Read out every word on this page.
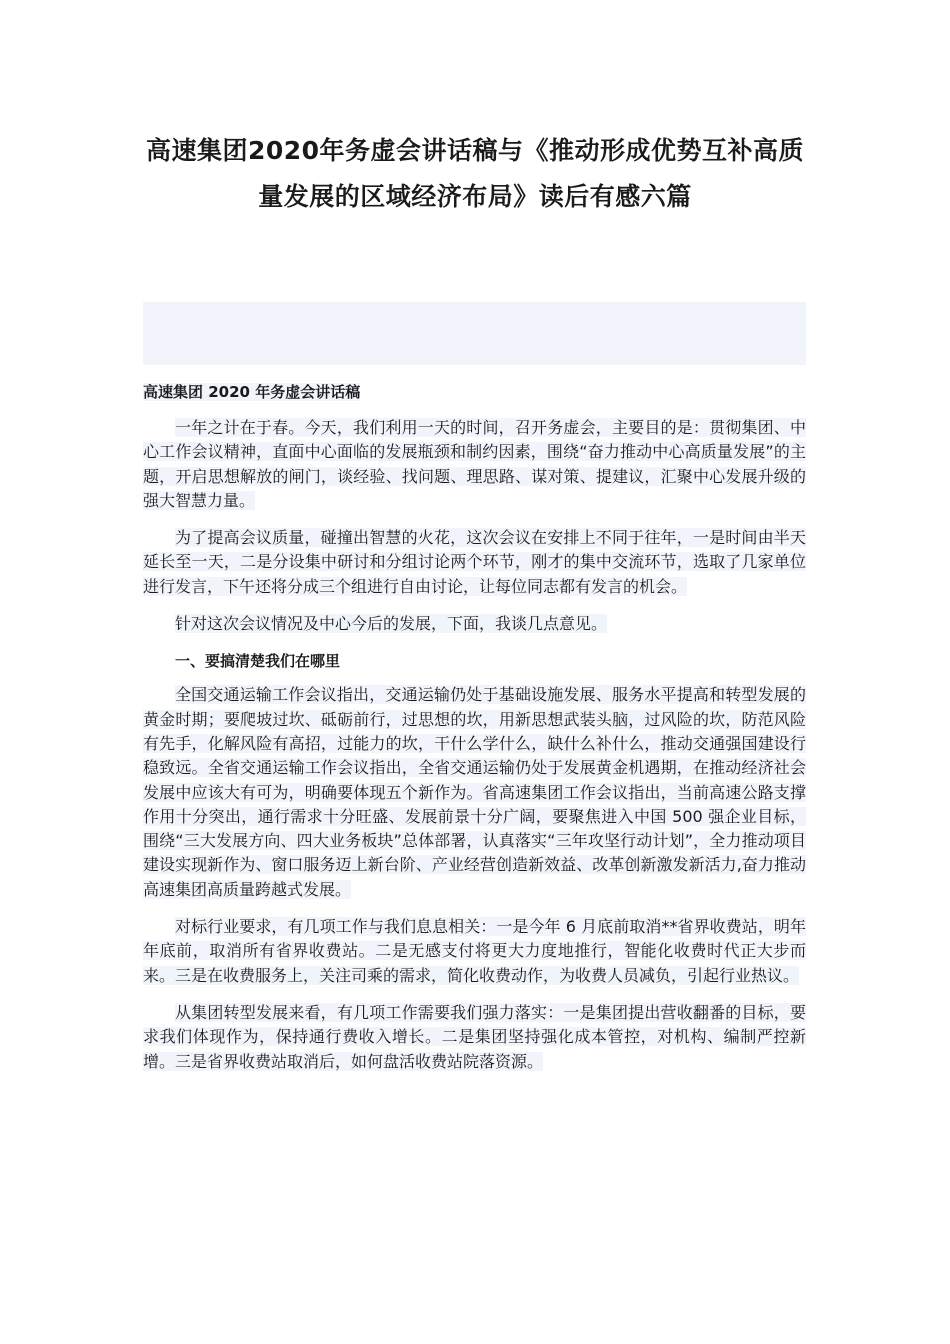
高速集团2020年务虚会讲话稿与《推动形成优势互补高质量发展的区域经济布局》读后有感六篇
高速集团 2020 年务虚会讲话稿

一年之计在于春。今天，我们利用一天的时间，召开务虚会，主要目的是：贯彻集团、中心工作会议精神，直面中心面临的发展瓶颈和制约因素，围绕“奋力推动中心高质量发展”的主题，开启思想解放的闸门，谈经验、找问题、理思路、谋对策、提建议，汇聚中心发展升级的强大智慧力量。

为了提高会议质量，碰撞出智慧的火花，这次会议在安排上不同于往年，一是时间由半天延长至一天，二是分设集中研讨和分组讨论两个环节，刚才的集中交流环节，选取了几家单位进行发言，下午还将分成三个组进行自由讨论，让每位同志都有发言的机会。

针对这次会议情况及中心今后的发展，下面，我谈几点意见。

一、要搞清楚我们在哪里

全国交通运输工作会议指出，交通运输仍处于基础设施发展、服务水平提高和转型发展的黄金时期；要爬坡过坎、砥砺前行，过思想的坎，用新思想武装头脑，过风险的坎，防范风险有先手，化解风险有高招，过能力的坎，干什么学什么，缺什么补什么，推动交通强国建设行稳致远。全省交通运输工作会议指出，全省交通运输仍处于发展黄金机遇期，在推动经济社会发展中应该大有可为，明确要体现五个新作为。省高速集团工作会议指出，当前高速公路支撑作用十分突出，通行需求十分旺盛、发展前景十分广阔，要聚焦进入中国 500 强企业目标，围绕“三大发展方向、四大业务板块”总体部署，认真落实“三年攻坚行动计划”，全力推动项目建设实现新作为、窗口服务迈上新台阶、产业经营创造新效益、改革创新激发新活力,奋力推动高速集团高质量跨越式发展。

对标行业要求，有几项工作与我们息息相关：一是今年 6 月底前取消**省界收费站，明年年底前，取消所有省界收费站。二是无感支付将更大力度地推行，智能化收费时代正大步而来。三是在收费服务上，关注司乘的需求，简化收费动作，为收费人员减负，引起行业热议。

从集团转型发展来看，有几项工作需要我们强力落实：一是集团提出营收翻番的目标，要求我们体现作为，保持通行费收入增长。二是集团坚持强化成本管控，对机构、编制严控新增。三是省界收费站取消后，如何盘活收费站院落资源。
